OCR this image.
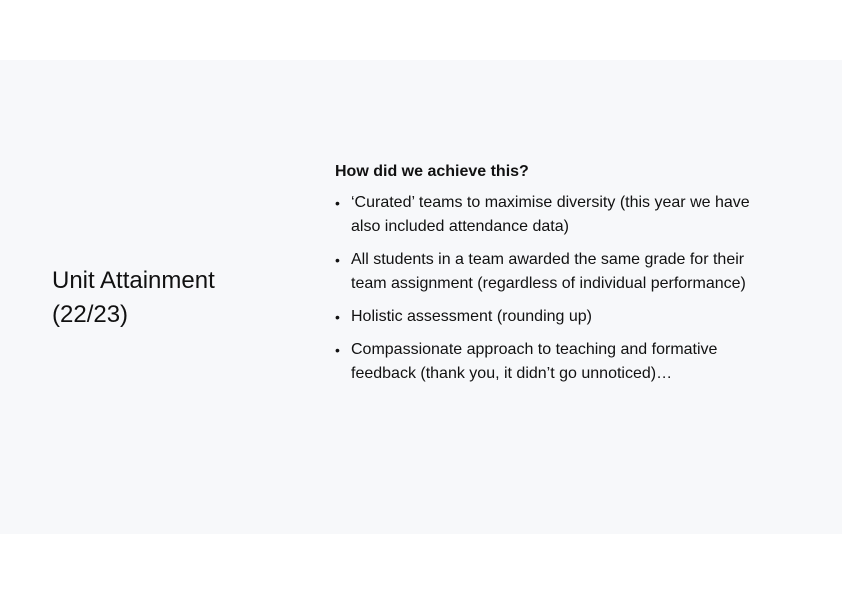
Unit Attainment
(22/23)

How did we achieve this?

• ‘Curated’ teams to maximise diversity (this year we have also included attendance data)
• All students in a team awarded the same grade for their team assignment (regardless of individual performance)
• Holistic assessment (rounding up)
• Compassionate approach to teaching and formative feedback (thank you, it didn’t go unnoticed)…
